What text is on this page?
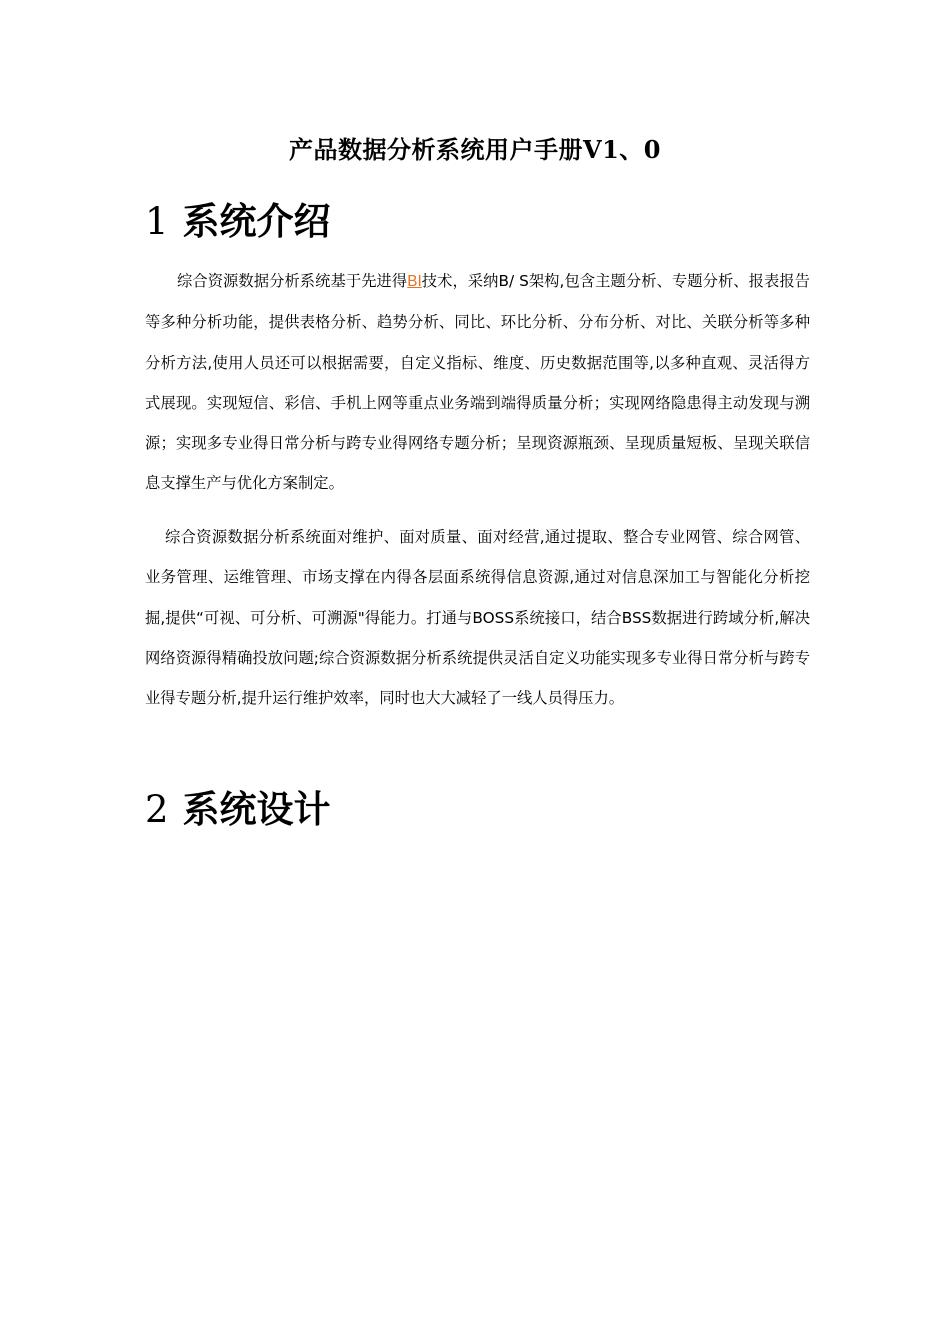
产品数据分析系统用户手册V1、0
1 系统介绍
综合资源数据分析系统基于先进得BI技术，采纳B/ S架构,包含主题分析、专题分析、报表报告等多种分析功能，提供表格分析、趋势分析、同比、环比分析、分布分析、对比、关联分析等多种分析方法,使用人员还可以根据需要，自定义指标、维度、历史数据范围等,以多种直观、灵活得方式展现。实现短信、彩信、手机上网等重点业务端到端得质量分析；实现网络隐患得主动发现与溯源；实现多专业得日常分析与跨专业得网络专题分析；呈现资源瓶颈、呈现质量短板、呈现关联信息支撑生产与优化方案制定。
综合资源数据分析系统面对维护、面对质量、面对经营,通过提取、整合专业网管、综合网管、业务管理、运维管理、市场支撑在内得各层面系统得信息资源,通过对信息深加工与智能化分析挖掘,提供“可视、可分析、可溯源"得能力。打通与BOSS系统接口，结合BSS数据进行跨域分析,解决网络资源得精确投放问题;综合资源数据分析系统提供灵活自定义功能实现多专业得日常分析与跨专业得专题分析,提升运行维护效率，同时也大大减轻了一线人员得压力。
2 系统设计
